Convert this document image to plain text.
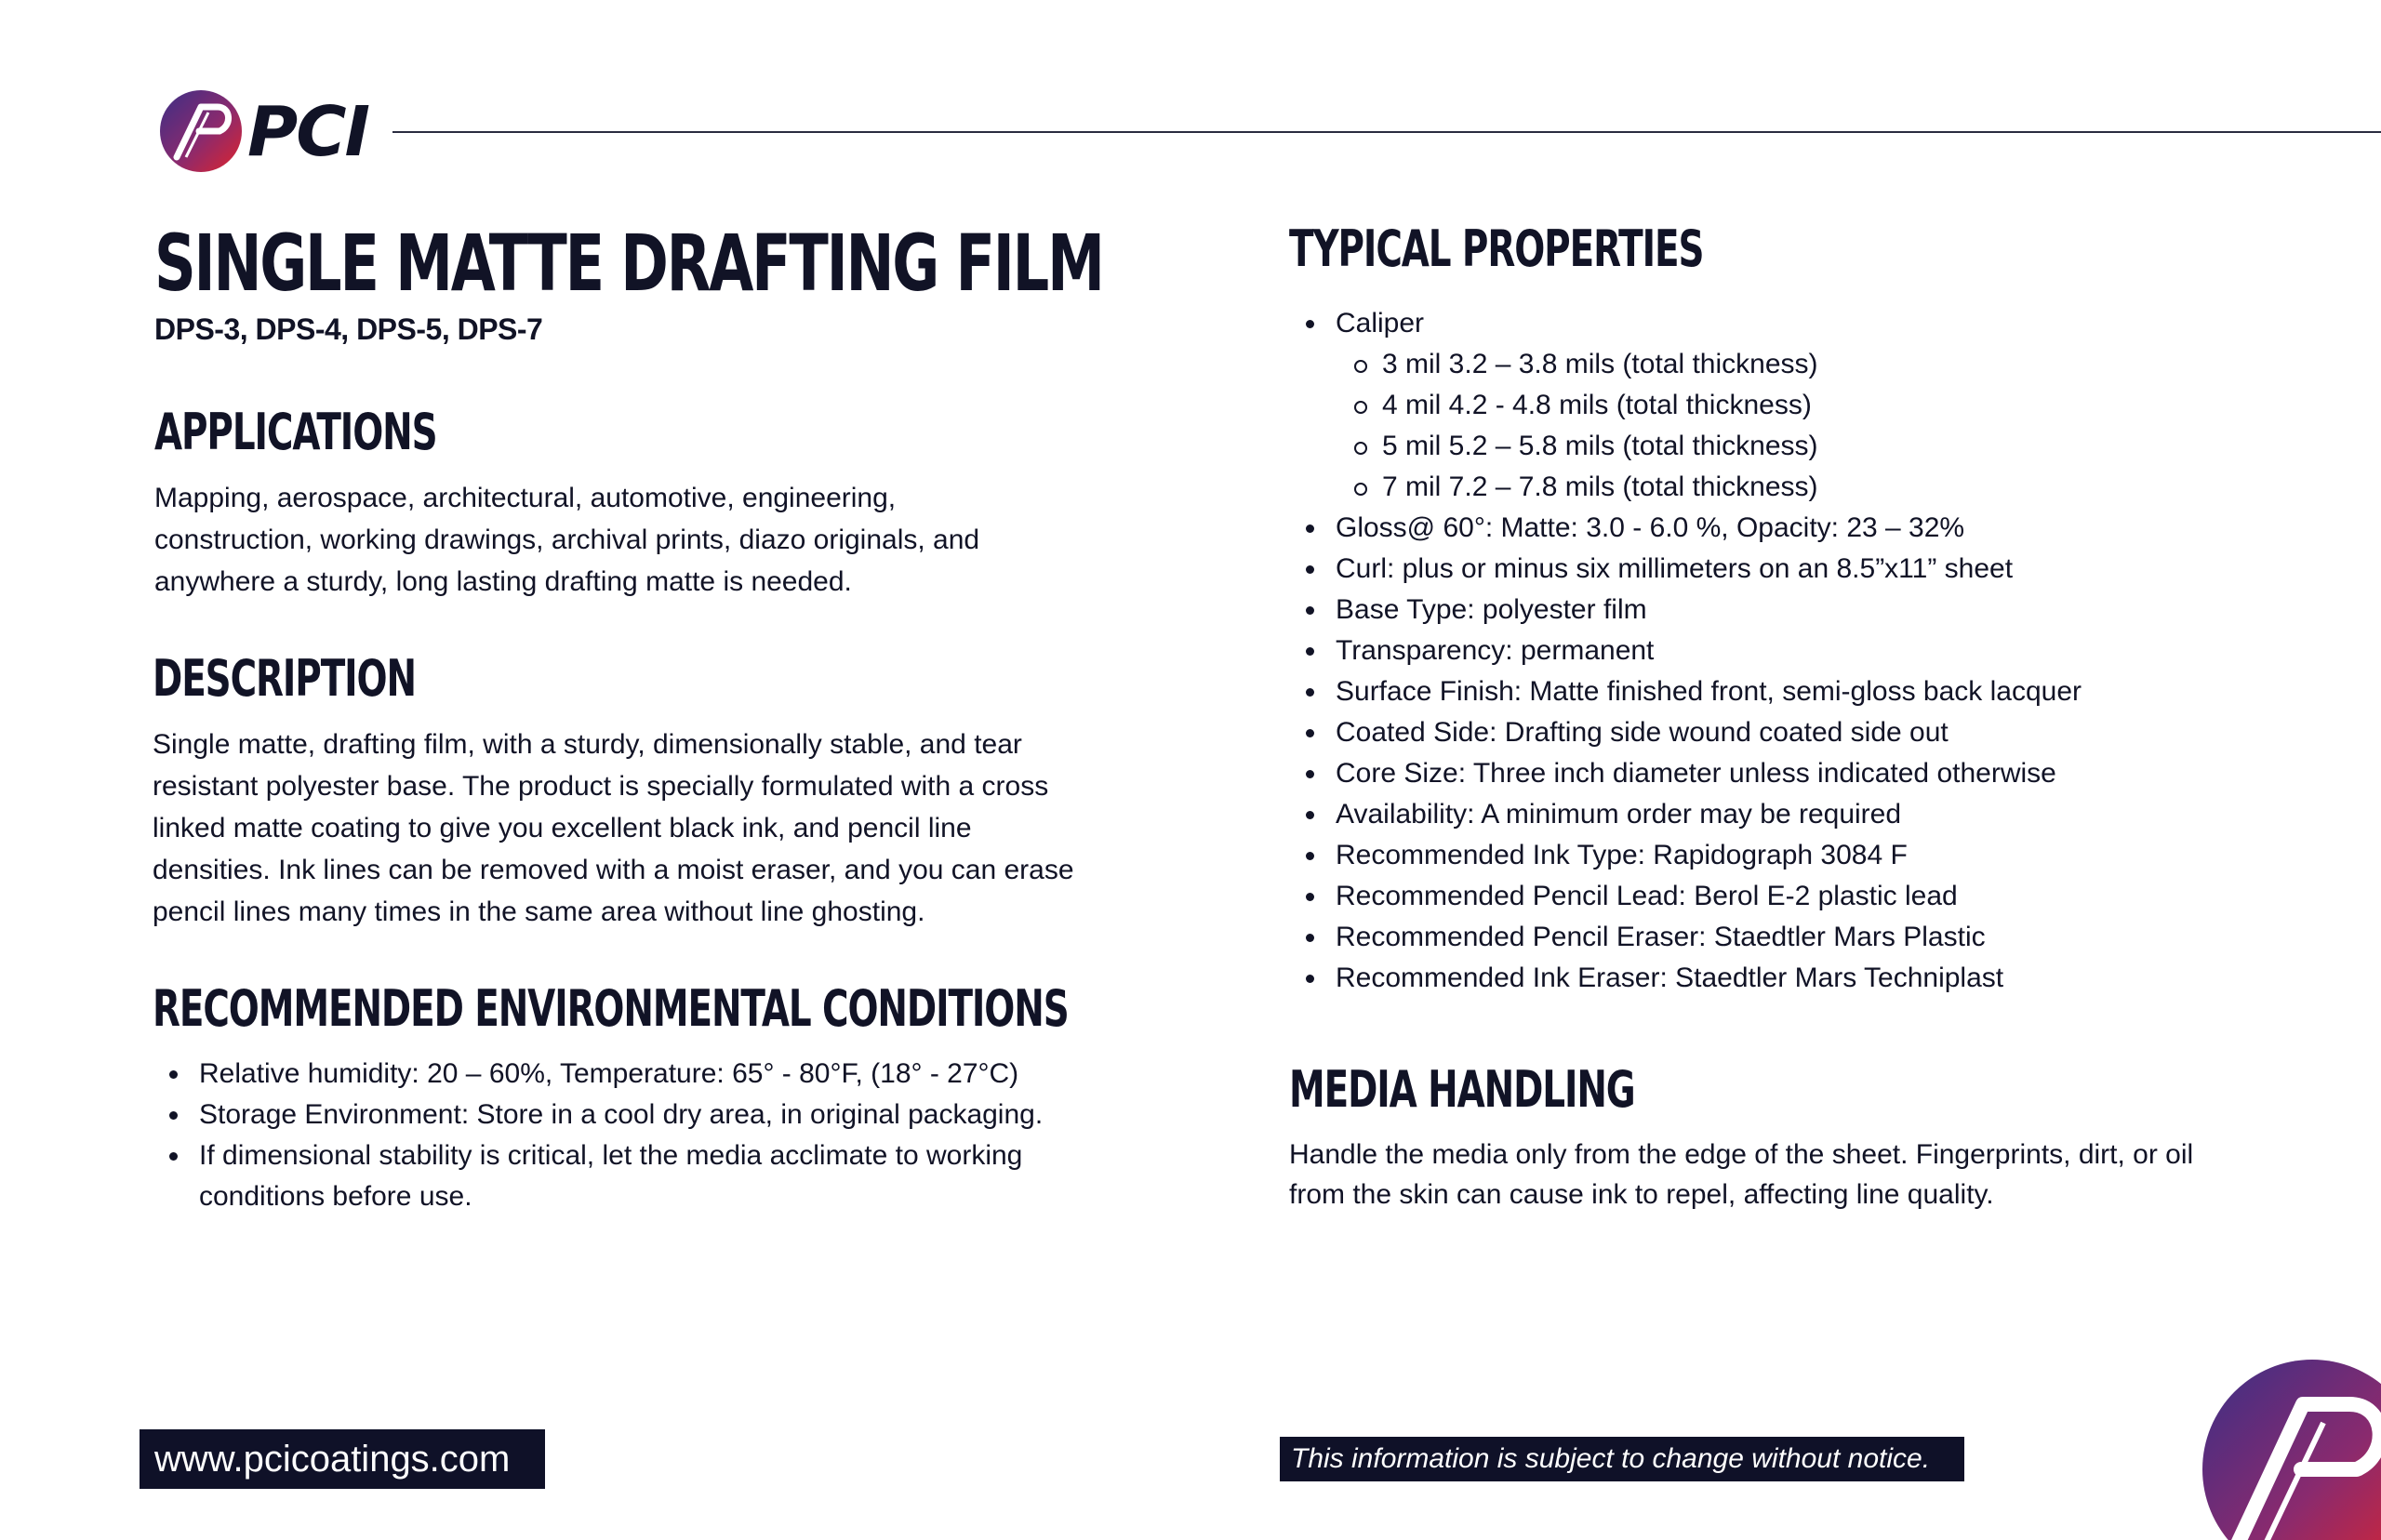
PCI
SINGLE MATTE DRAFTING FILM
DPS-3, DPS-4, DPS-5, DPS-7
APPLICATIONS
Mapping, aerospace, architectural, automotive, engineering, construction, working drawings, archival prints, diazo originals, and anywhere a sturdy, long lasting drafting matte is needed.
DESCRIPTION
Single matte, drafting film, with a sturdy, dimensionally stable, and tear resistant polyester base. The product is specially formulated with a cross linked matte coating to give you excellent black ink, and pencil line densities. Ink lines can be removed with a moist eraser, and you can erase pencil lines many times in the same area without line ghosting.
RECOMMENDED ENVIRONMENTAL CONDITIONS
Relative humidity: 20 – 60%, Temperature: 65° - 80°F, (18° - 27°C)
Storage Environment: Store in a cool dry area, in original packaging.
If dimensional stability is critical, let the media acclimate to working conditions before use.
TYPICAL PROPERTIES
Caliper
3 mil 3.2 – 3.8 mils (total thickness)
4 mil 4.2 - 4.8 mils (total thickness)
5 mil 5.2 – 5.8 mils (total thickness)
7 mil 7.2 – 7.8 mils (total thickness)
Gloss@ 60°: Matte: 3.0 - 6.0 %, Opacity: 23 – 32%
Curl: plus or minus six millimeters on an 8.5”x11” sheet
Base Type: polyester film
Transparency: permanent
Surface Finish: Matte finished front, semi-gloss back lacquer
Coated Side: Drafting side wound coated side out
Core Size: Three inch diameter unless indicated otherwise
Availability: A minimum order may be required
Recommended Ink Type: Rapidograph 3084 F
Recommended Pencil Lead: Berol E-2 plastic lead
Recommended Pencil Eraser: Staedtler Mars Plastic
Recommended Ink Eraser: Staedtler Mars Techniplast
MEDIA HANDLING
Handle the media only from the edge of the sheet. Fingerprints, dirt, or oil from the skin can cause ink to repel, affecting line quality.
www.pcicoatings.com	This information is subject to change without notice.
